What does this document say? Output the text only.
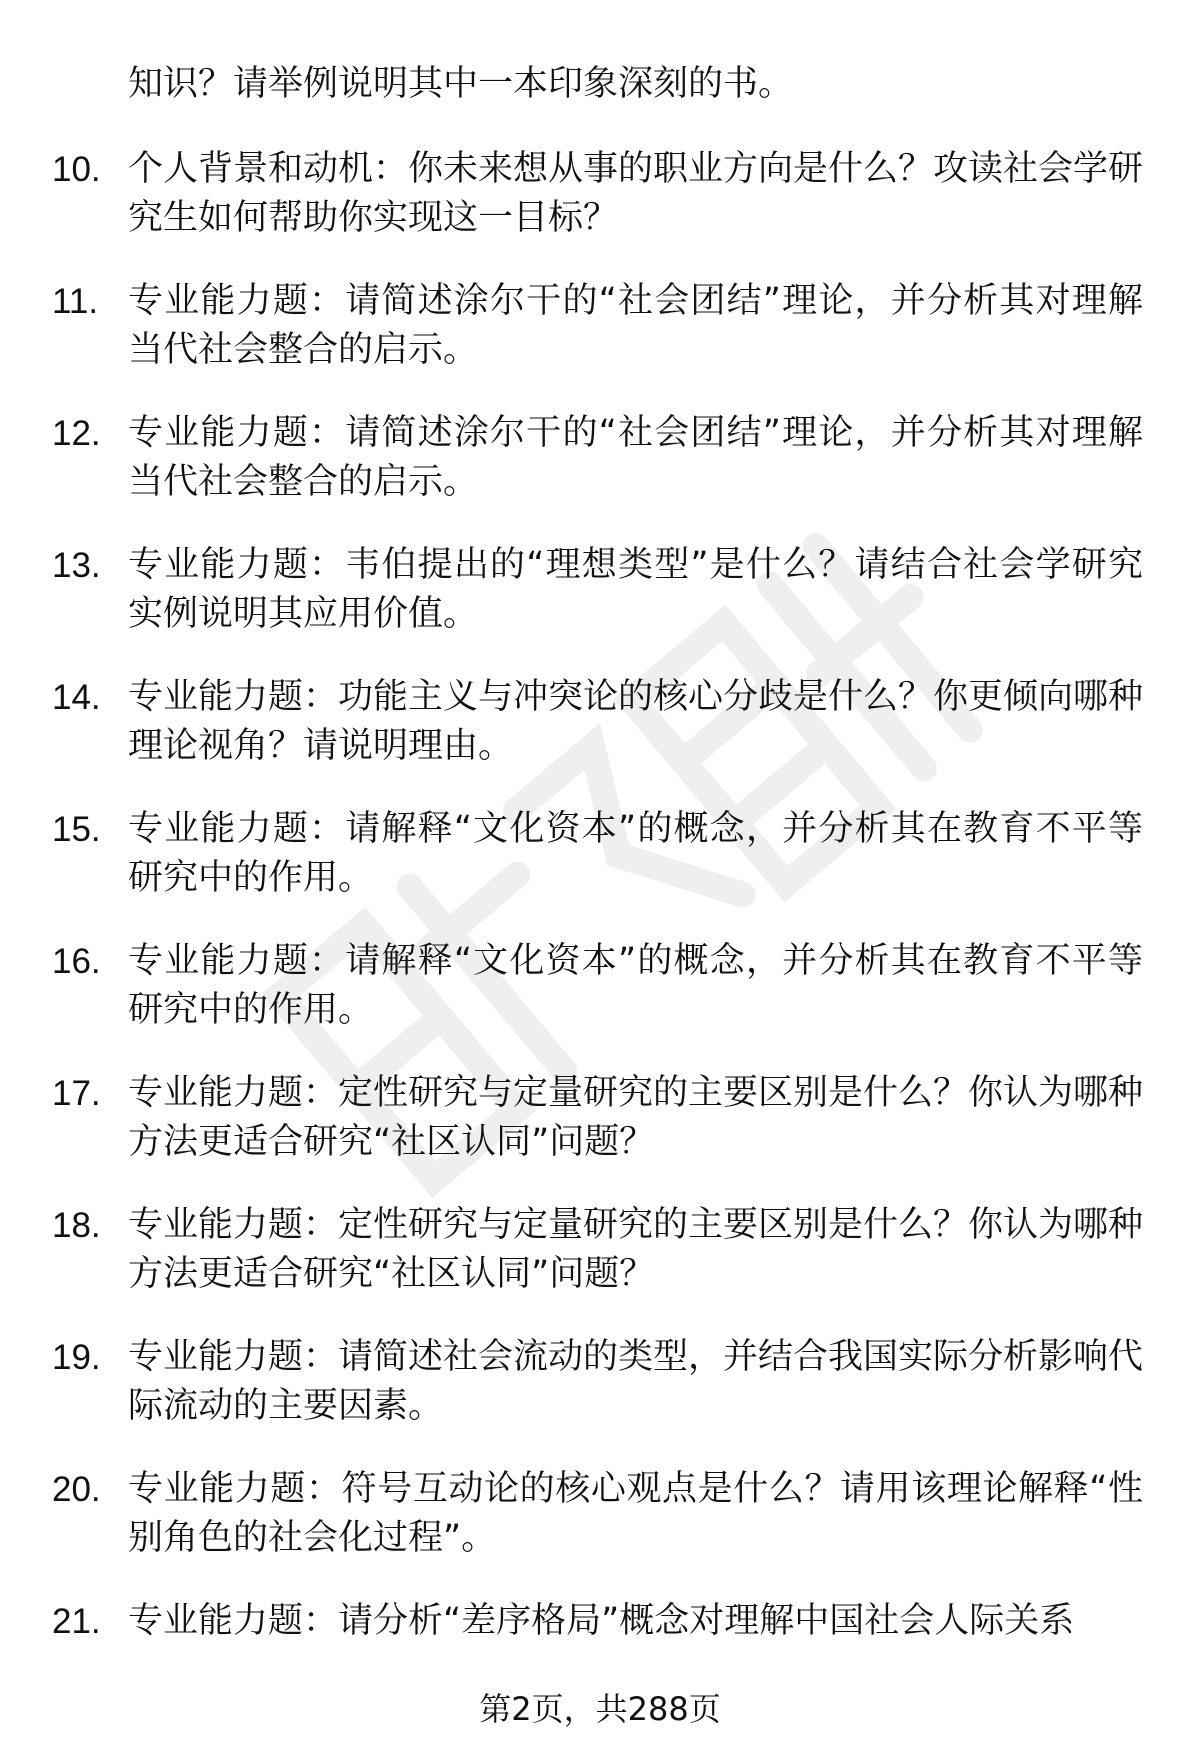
知识？请举例说明其中一本印象深刻的书。
10. 个人背景和动机：你未来想从事的职业方向是什么？攻读社会学研究生如何帮助你实现这一目标？
11. 专业能力题：请简述涂尔干的“社会团结”理论，并分析其对理解当代社会整合的启示。
12. 专业能力题：请简述涂尔干的“社会团结”理论，并分析其对理解当代社会整合的启示。
13. 专业能力题：韦伯提出的“理想类型”是什么？请结合社会学研究实例说明其应用价值。
14. 专业能力题：功能主义与冲突论的核心分歧是什么？你更倾向哪种理论视角？请说明理由。
15. 专业能力题：请解释“文化资本”的概念，并分析其在教育不平等研究中的作用。
16. 专业能力题：请解释“文化资本”的概念，并分析其在教育不平等研究中的作用。
17. 专业能力题：定性研究与定量研究的主要区别是什么？你认为哪种方法更适合研究“社区认同”问题？
18. 专业能力题：定性研究与定量研究的主要区别是什么？你认为哪种方法更适合研究“社区认同”问题？
19. 专业能力题：请简述社会流动的类型，并结合我国实际分析影响代际流动的主要因素。
20. 专业能力题：符号互动论的核心观点是什么？请用该理论解释“性别角色的社会化过程”。
21. 专业能力题：请分析“差序格局”概念对理解中国社会人际关系
第2页，共288页
